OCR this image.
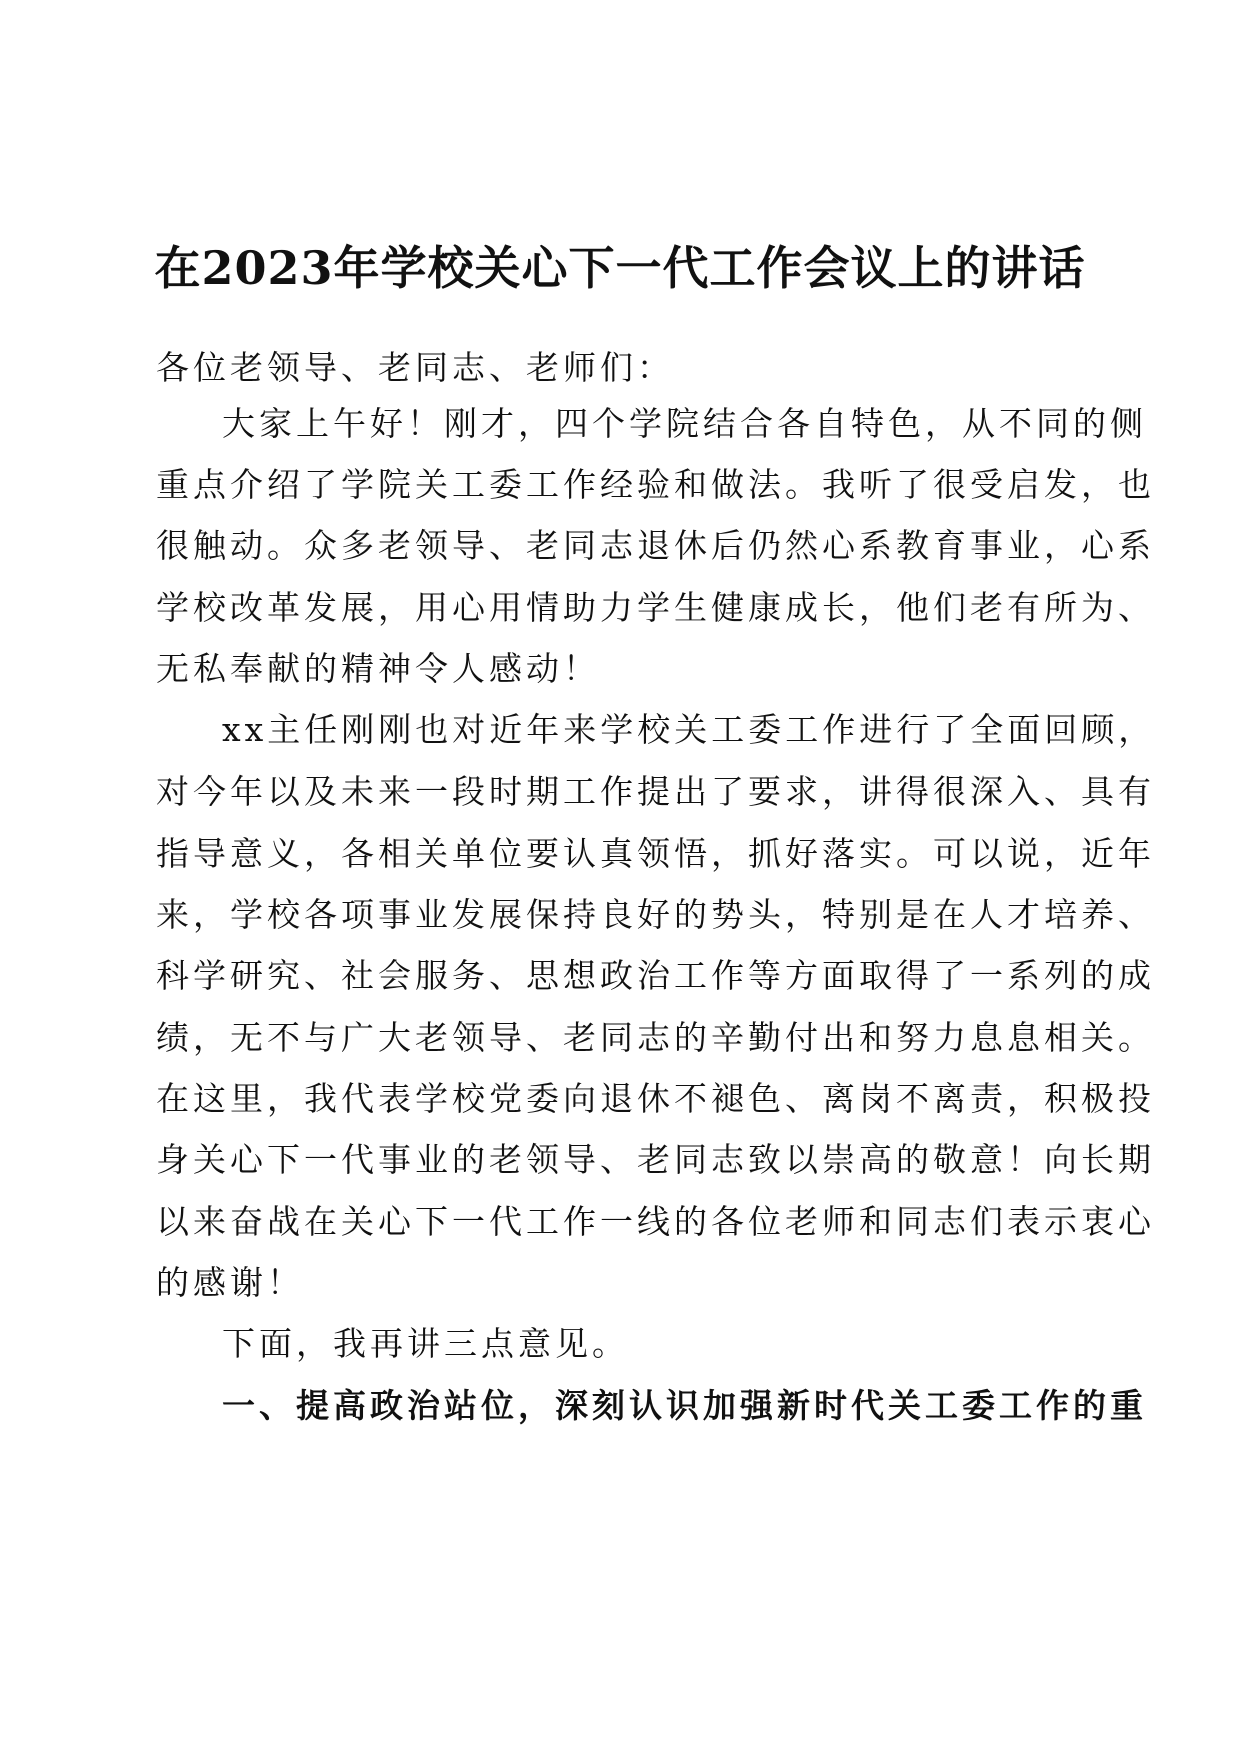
在2023年学校关心下一代工作会议上的讲话
各位老领导、老同志、老师们：
大家上午好！刚才，四个学院结合各自特色，从不同的侧
重点介绍了学院关工委工作经验和做法。我听了很受启发，也
很触动。众多老领导、老同志退休后仍然心系教育事业，心系
学校改革发展，用心用情助力学生健康成长，他们老有所为、
无私奉献的精神令人感动！
xx主任刚刚也对近年来学校关工委工作进行了全面回顾，
对今年以及未来一段时期工作提出了要求，讲得很深入、具有
指导意义，各相关单位要认真领悟，抓好落实。可以说，近年
来，学校各项事业发展保持良好的势头，特别是在人才培养、
科学研究、社会服务、思想政治工作等方面取得了一系列的成
绩，无不与广大老领导、老同志的辛勤付出和努力息息相关。
在这里，我代表学校党委向退休不褪色、离岗不离责，积极投
身关心下一代事业的老领导、老同志致以崇高的敬意！向长期
以来奋战在关心下一代工作一线的各位老师和同志们表示衷心
的感谢！
下面，我再讲三点意见。
一、提高政治站位，深刻认识加强新时代关工委工作的重
